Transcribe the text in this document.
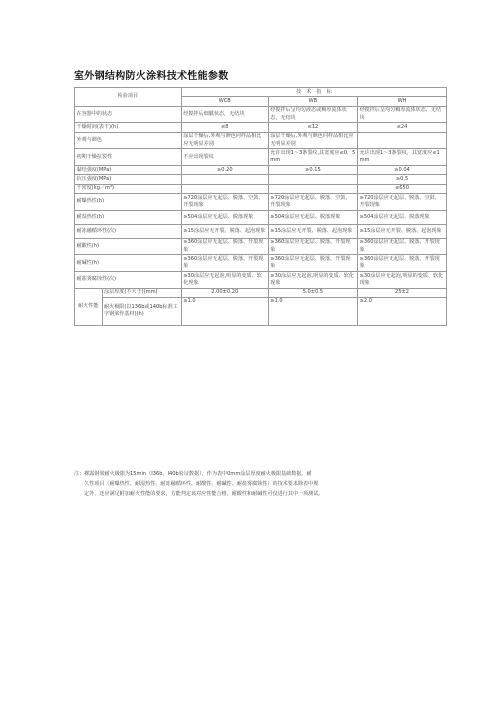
室外钢结构防火涂料技术性能参数
检验项目		技　术　指　标		
		WCB	WB	WH
在容器中的状态		经搅拌后细腻状态，无结块	经搅拌后呈均匀液态或稠厚流体状态，无结块	经搅拌后呈均匀稠厚流体状态，无结块
干燥时间(表干)(h)		≤8	≤12	≤24
外观与颜色		涂层干燥后,外观与颜色同样品相比应无明显差别	涂层干燥后,外观与颜色同样品相比应无明显差别	
初期干燥抗裂性		不应出现裂纹	允许出现1～3条裂纹,其宽度应≤0．5mm	允许出现1～3条裂纹，其宽度应≤1mm
黏结强度(MPa)		≥0.20	≥0.15	≥0.04
抗压强度(MPa)				≥0.5
干密度(kg／m³)				≤650
耐曝热性(h)		≥720涂层应无起层、脱落、空鼓、开裂现象	≥720涂层应无起层、脱落、空鼓、开裂现象	≥720涂层应无起层、脱落、空鼓、开裂现象
耐湿热性(h)		≥504涂层应无起层、脱落现象	≥504涂层应无起层、脱落现象	≥504涂层应无起层、脱落现象
耐冻融循环性(次)		≥15涂层应无开裂、脱落、起泡现象	≥15涂层应无开裂、脱落、起泡现象	≥15涂层应无开裂、脱落、起泡现象
耐酸性(h)		≥360涂层应无起层、脱落、开裂现象	≥360涂层应无起层、脱落、开裂现象	≥360涂层应无起层、脱落、开裂现象
耐碱性(h)		≥360涂层应无起层、脱落、开裂现象	≥360涂层应无起层、脱落、开裂现象	≥360涂层应无起层、脱落、开裂现象
耐盐雾腐蚀性(次)		≥30涂层应无起泡,明显的变质、软化现象	≥30涂层应无起泡,明显的变质、软化现象	≥30涂层应无起泡,明显的变质、软化现象
耐火性能	涂层厚度(不大于)(mm)	2.00±0.20	5.0±0.5	25±2
	耐火极限(以136b或140b标准工字钢梁作基材)(h)	≥1.0	≥1.0	≥2.0
注：裸露钢梁耐火极限为15min（I36b、I40b验证数据），作为表中0mm涂层厚度耐火极限基础数据。耐
久性项目（耐曝热性、耐湿热性、耐冻融循环性、耐酸性、耐碱性、耐盐雾腐蚀性）的技术要求除表中规
定外，还应满足附加耐火性能的要求，方能判定该对应性能合格。耐酸性和耐碱性可仅进行其中一项测试。
